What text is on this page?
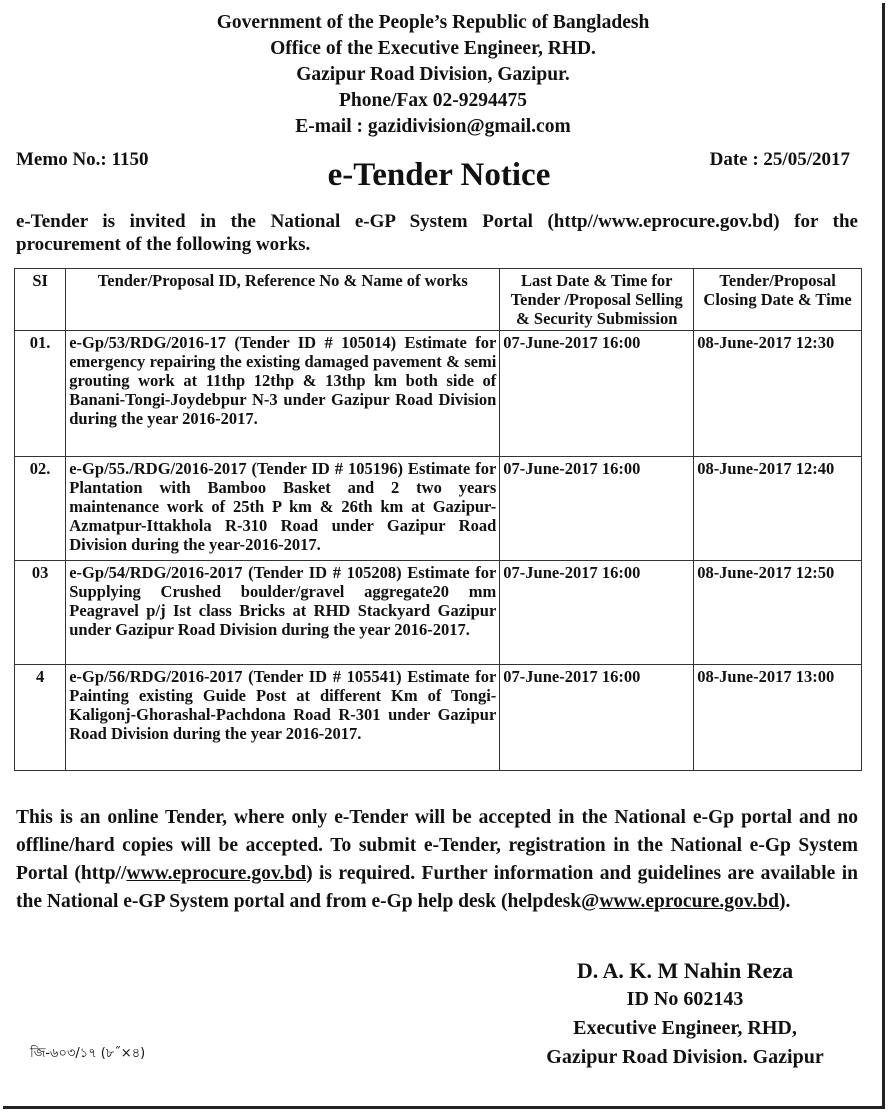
Government of the People’s Republic of Bangladesh
Office of the Executive Engineer, RHD.
Gazipur Road Division, Gazipur.
Phone/Fax 02-9294475
E-mail : gazidivision@gmail.com
Memo No.: 1150	Date : 25/05/2017
e-Tender Notice
e-Tender is invited in the National e-GP System Portal (http//www.eprocure.gov.bd) for the procurement of the following works.
SI	Tender/Proposal ID, Reference No & Name of works	Last Date & Time for Tender /Proposal Selling & Security Submission	Tender/Proposal Closing Date & Time
01.	e-Gp/53/RDG/2016-17 (Tender ID # 105014) Estimate for emergency repairing the existing damaged pavement & semi grouting work at 11thp 12thp & 13thp km both side of Banani-Tongi-Joydebpur N-3 under Gazipur Road Division during the year 2016-2017.	07-June-2017 16:00	08-June-2017 12:30
02.	e-Gp/55./RDG/2016-2017 (Tender ID # 105196) Estimate for Plantation with Bamboo Basket and 2 two years maintenance work of 25th P km & 26th km at Gazipur-Azmatpur-Ittakhola R-310 Road under Gazipur Road Division during the year-2016-2017.	07-June-2017 16:00	08-June-2017 12:40
03	e-Gp/54/RDG/2016-2017 (Tender ID # 105208) Estimate for Supplying Crushed boulder/gravel aggregate20 mm Peagravel p/j Ist class Bricks at RHD Stackyard Gazipur under Gazipur Road Division during the year 2016-2017.	07-June-2017 16:00	08-June-2017 12:50
4	e-Gp/56/RDG/2016-2017 (Tender ID # 105541) Estimate for Painting existing Guide Post at different Km of Tongi-Kaligonj-Ghorashal-Pachdona Road R-301 under Gazipur Road Division during the year 2016-2017.	07-June-2017 16:00	08-June-2017 13:00
This is an online Tender, where only e-Tender will be accepted in the National e-Gp portal and no offline/hard copies will be accepted. To submit e-Tender, registration in the National e-Gp System Portal (http//www.eprocure.gov.bd) is required. Further information and guidelines are available in the National e-GP System portal and from e-Gp help desk (helpdesk@www.eprocure.gov.bd).
D. A. K. M Nahin Reza
ID No 602143
Executive Engineer, RHD,
Gazipur Road Division. Gazipur
জি-৬০৩/১৭ (৮˝×৪)
